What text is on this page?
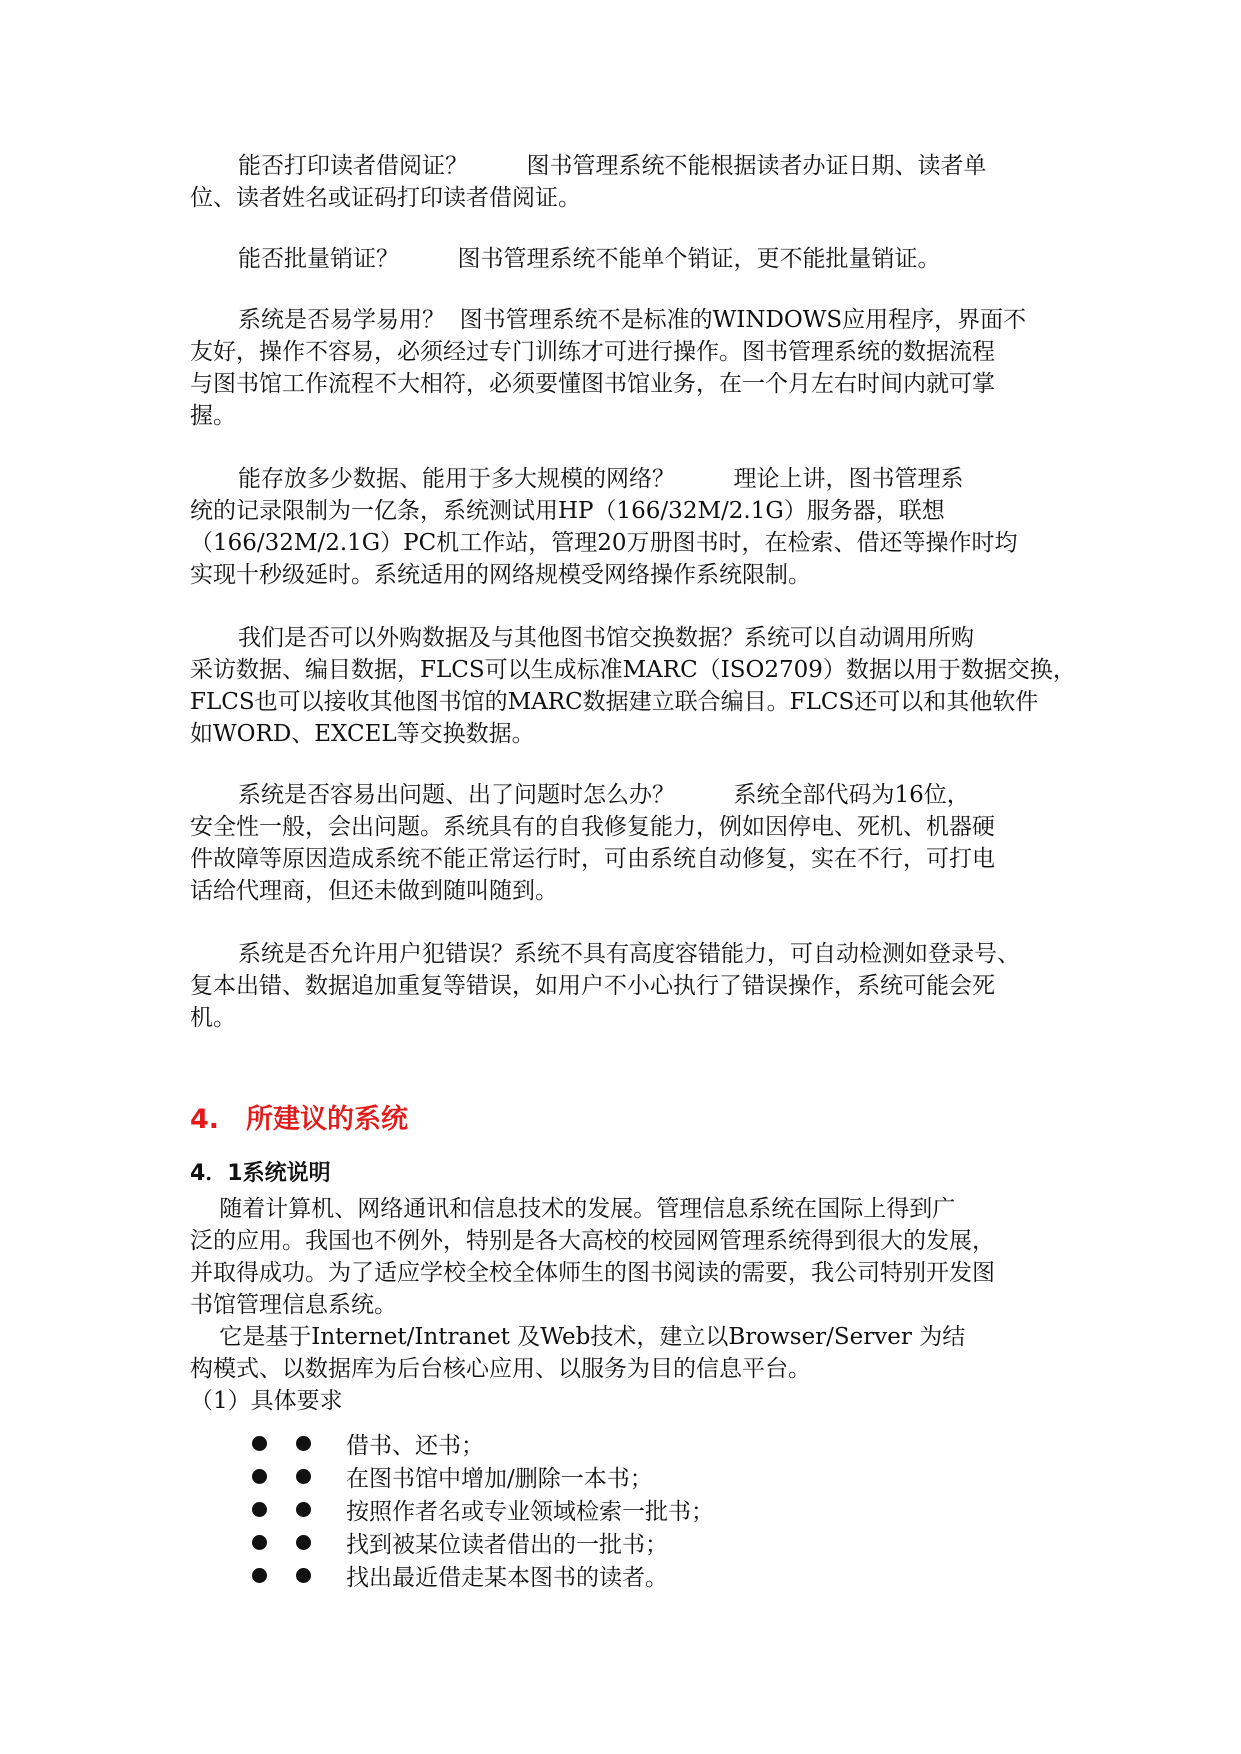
能否打印读者借阅证？        图书管理系统不能根据读者办证日期、读者单
位、读者姓名或证码打印读者借阅证。
能否批量销证？        图书管理系统不能单个销证，更不能批量销证。
系统是否易学易用？  图书管理系统不是标准的WINDOWS应用程序，界面不
友好，操作不容易，必须经过专门训练才可进行操作。图书管理系统的数据流程
与图书馆工作流程不大相符，必须要懂图书馆业务，在一个月左右时间内就可掌
握。
能存放多少数据、能用于多大规模的网络？        理论上讲，图书管理系
统的记录限制为一亿条，系统测试用HP（166/32M/2.1G）服务器，联想
（166/32M/2.1G）PC机工作站，管理20万册图书时，在检索、借还等操作时均
实现十秒级延时。系统适用的网络规模受网络操作系统限制。
我们是否可以外购数据及与其他图书馆交换数据？系统可以自动调用所购
采访数据、编目数据，FLCS可以生成标准MARC（ISO2709）数据以用于数据交换，
FLCS也可以接收其他图书馆的MARC数据建立联合编目。FLCS还可以和其他软件
如WORD、EXCEL等交换数据。
系统是否容易出问题、出了问题时怎么办？        系统全部代码为16位，
安全性一般，会出问题。系统具有的自我修复能力，例如因停电、死机、机器硬
件故障等原因造成系统不能正常运行时，可由系统自动修复，实在不行，可打电
话给代理商，但还未做到随叫随到。
系统是否允许用户犯错误？系统不具有高度容错能力，可自动检测如登录号、
复本出错、数据追加重复等错误，如用户不小心执行了错误操作，系统可能会死
机。
4. 所建议的系统
4．1系统说明
随着计算机、网络通讯和信息技术的发展。管理信息系统在国际上得到广
泛的应用。我国也不例外，特别是各大高校的校园网管理系统得到很大的发展，
并取得成功。为了适应学校全校全体师生的图书阅读的需要，我公司特别开发图
书馆管理信息系统。
它是基于Internet/Intranet 及Web技术，建立以Browser/Server 为结
构模式、以数据库为后台核心应用、以服务为目的信息平台。
（1）具体要求
借书、还书；
在图书馆中增加/删除一本书；
按照作者名或专业领域检索一批书；
找到被某位读者借出的一批书；
找出最近借走某本图书的读者。
